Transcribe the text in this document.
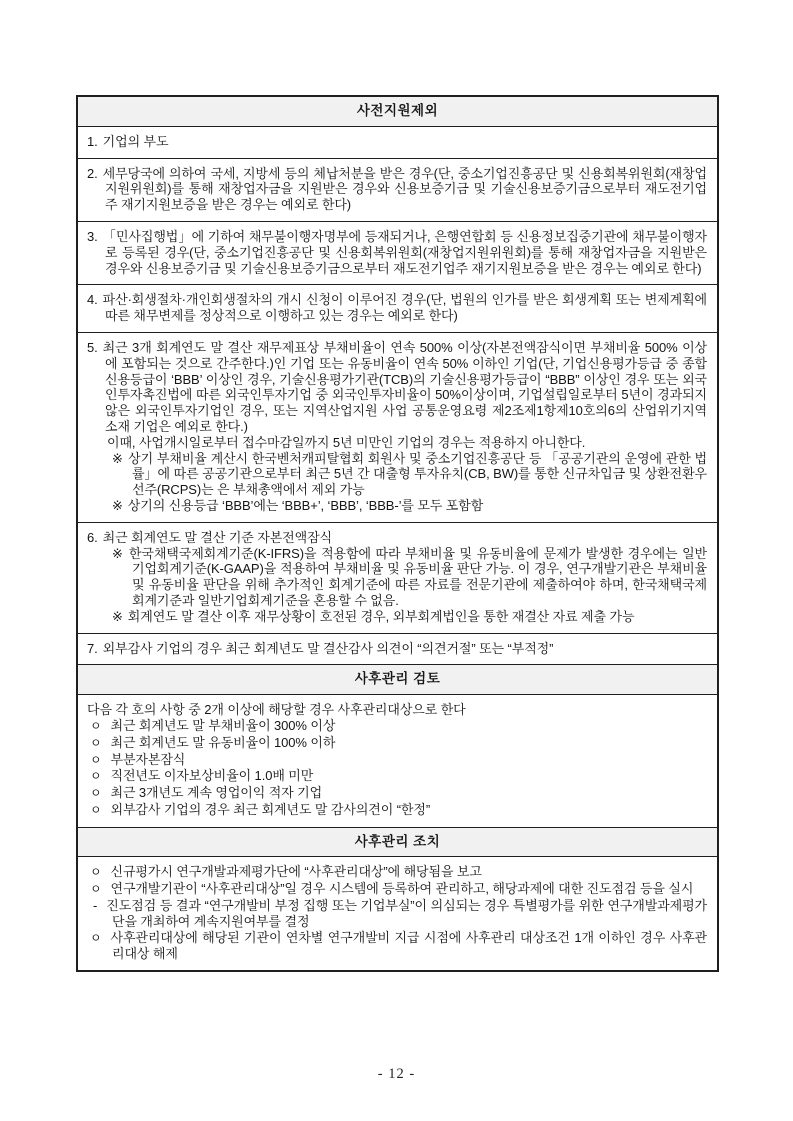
사전지원제외

1. 기업의 부도

2. 세무당국에 의하여 국세, 지방세 등의 체납처분을 받은 경우(단, 중소기업진흥공단 및 신용회복위원회(재창업지원위원회)를 통해 재창업자금을 지원받은 경우와 신용보증기금 및 기술신용보증기금으로부터 재도전기업주 재기지원보증을 받은 경우는 예외로 한다)

3. 「민사집행법」에 기하여 채무불이행자명부에 등재되거나, 은행연합회 등 신용정보집중기관에 채무불이행자로 등록된 경우(단, 중소기업진흥공단 및 신용회복위원회(재창업지원위원회)를 통해 재창업자금을 지원받은 경우와 신용보증기금 및 기술신용보증기금으로부터 재도전기업주 재기지원보증을 받은 경우는 예외로 한다)

4. 파산·회생절차·개인회생절차의 개시 신청이 이루어진 경우(단, 법원의 인가를 받은 회생계획 또는 변제계획에 따른 채무변제를 정상적으로 이행하고 있는 경우는 예외로 한다)

5. 최근 3개 회계연도 말 결산 재무제표상 부채비율이 연속 500% 이상(자본전액잠식이면 부채비율 500% 이상에 포함되는 것으로 간주한다.)인 기업 또는 유동비율이 연속 50% 이하인 기업(단, 기업신용평가등급 중 종합신용등급이 ‘BBB’ 이상인 경우, 기술신용평가기관(TCB)의 기술신용평가등급이 “BBB” 이상인 경우 또는 외국인투자촉진법에 따른 외국인투자기업 중 외국인투자비율이 50%이상이며, 기업설립일로부터 5년이 경과되지 않은 외국인투자기업인 경우, 또는 지역산업지원 사업 공통운영요령 제2조제1항제10호의6의 산업위기지역 소재 기업은 예외로 한다.)

이때, 사업개시일로부터 접수마감일까지 5년 미만인 기업의 경우는 적용하지 아니한다.

※ 상기 부채비율 계산시 한국벤처캐피탈협회 회원사 및 중소기업진흥공단 등 「공공기관의 운영에 관한 법률」에 따른 공공기관으로부터 최근 5년 간 대출형 투자유치(CB, BW)를 통한 신규차입금 및 상환전환우선주(RCPS)는 은 부채총액에서 제외 가능

※ 상기의 신용등급 ‘BBB’에는 ‘BBB+’, ‘BBB’, ‘BBB-’를 모두 포함함

6. 최근 회계연도 말 결산 기준 자본전액잠식

※ 한국채택국제회계기준(K-IFRS)을 적용함에 따라 부채비율 및 유동비율에 문제가 발생한 경우에는 일반기업회계기준(K-GAAP)을 적용하여 부채비율 및 유동비율 판단 가능. 이 경우, 연구개발기관은 부채비율 및 유동비율 판단을 위해 추가적인 회계기준에 따른 자료를 전문기관에 제출하여야 하며, 한국채택국제회계기준과 일반기업회계기준을 혼용할 수 없음.

※ 회계연도 말 결산 이후 재무상황이 호전된 경우, 외부회계법인을 통한 재결산 자료 제출 가능

7. 외부감사 기업의 경우 최근 회계년도 말 결산감사 의견이 “의견거절” 또는 “부적정”

사후관리 검토

다음 각 호의 사항 중 2개 이상에 해당할 경우 사후관리대상으로 한다

ㅇ 최근 회계년도 말 부채비율이 300% 이상

ㅇ 최근 회계년도 말 유동비율이 100% 이하

ㅇ 부분자본잠식

ㅇ 직전년도 이자보상비율이 1.0배 미만

ㅇ 최근 3개년도 계속 영업이익 적자 기업

ㅇ 외부감사 기업의 경우 최근 회계년도 말 감사의견이 “한정”

사후관리 조치

ㅇ 신규평가시 연구개발과제평가단에 “사후관리대상”에 해당됨을 보고

ㅇ 연구개발기관이 “사후관리대상”일 경우 시스템에 등록하여 관리하고, 해당과제에 대한 진도점검 등을 실시

- 진도점검 등 결과 “연구개발비 부정 집행 또는 기업부실”이 의심되는 경우 특별평가를 위한 연구개발과제평가단을 개최하여 계속지원여부를 결정

ㅇ 사후관리대상에 해당된 기관이 연차별 연구개발비 지급 시점에 사후관리 대상조건 1개 이하인 경우 사후관리대상 해제

- 12 -
